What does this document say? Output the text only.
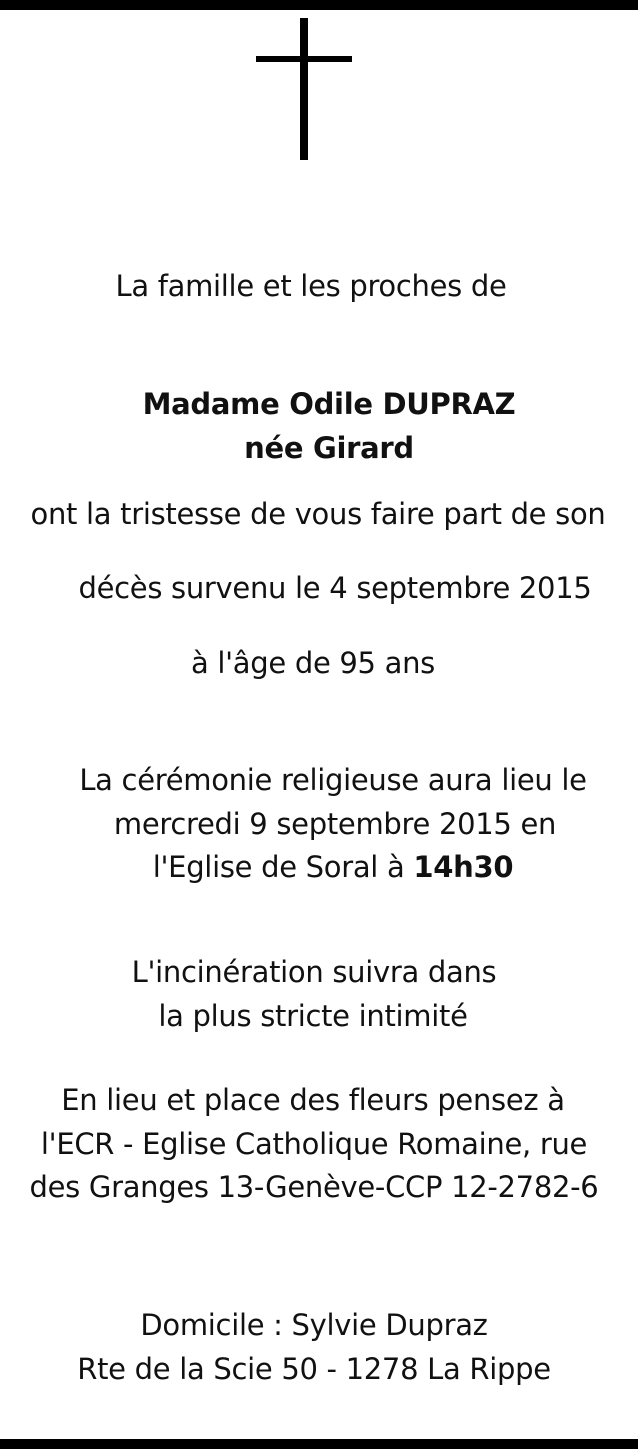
La famille et les proches de
Madame Odile DUPRAZ
née Girard
ont la tristesse de vous faire part de son
décès survenu le 4 septembre 2015
à l'âge de 95 ans
La cérémonie religieuse aura lieu le
mercredi 9 septembre 2015 en
l'Eglise de Soral à 14h30
L'incinération suivra dans
la plus stricte intimité
En lieu et place des fleurs pensez à
l'ECR - Eglise Catholique Romaine, rue
des Granges 13-Genève-CCP 12-2782-6
Domicile : Sylvie Dupraz
Rte de la Scie 50 - 1278 La Rippe
